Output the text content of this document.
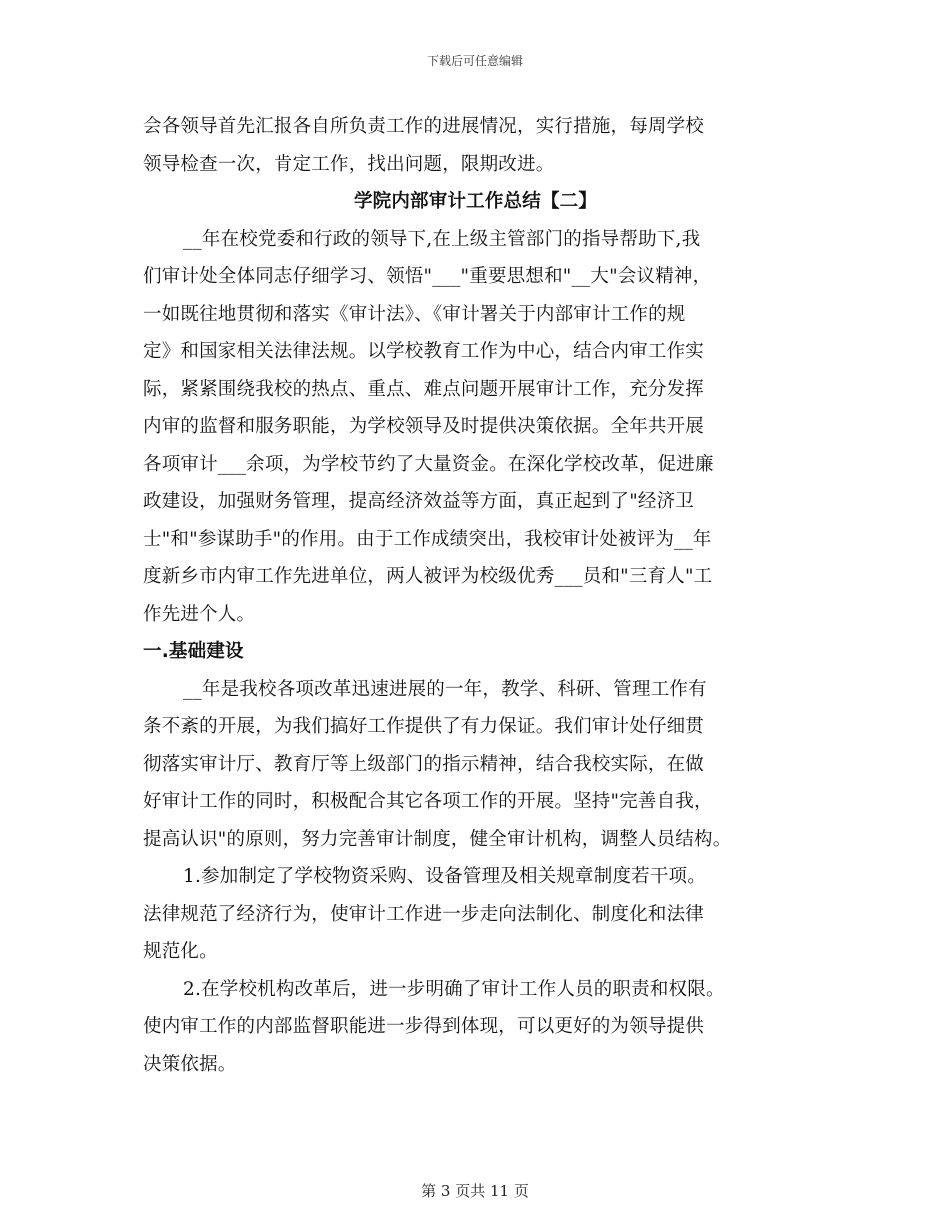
下载后可任意编辑
会各领导首先汇报各自所负责工作的进展情况，实行措施，每周学校
领导检查一次，肯定工作，找出问题，限期改进。
学院内部审计工作总结【二】
__年在校党委和行政的领导下,在上级主管部门的指导帮助下,我
们审计处全体同志仔细学习、领悟"___"重要思想和"__大"会议精神，
一如既往地贯彻和落实《审计法》、《审计署关于内部审计工作的规
定》和国家相关法律法规。以学校教育工作为中心，结合内审工作实
际，紧紧围绕我校的热点、重点、难点问题开展审计工作，充分发挥
内审的监督和服务职能，为学校领导及时提供决策依据。全年共开展
各项审计___余项，为学校节约了大量资金。在深化学校改革，促进廉
政建设，加强财务管理，提高经济效益等方面，真正起到了"经济卫
士"和"参谋助手"的作用。由于工作成绩突出，我校审计处被评为__年
度新乡市内审工作先进单位，两人被评为校级优秀___员和"三育人"工
作先进个人。
一.基础建设
__年是我校各项改革迅速进展的一年，教学、科研、管理工作有
条不紊的开展，为我们搞好工作提供了有力保证。我们审计处仔细贯
彻落实审计厅、教育厅等上级部门的指示精神，结合我校实际，在做
好审计工作的同时，积极配合其它各项工作的开展。坚持"完善自我，
提高认识"的原则，努力完善审计制度，健全审计机构，调整人员结构。
1.参加制定了学校物资采购、设备管理及相关规章制度若干项。
法律规范了经济行为，使审计工作进一步走向法制化、制度化和法律
规范化。
2.在学校机构改革后，进一步明确了审计工作人员的职责和权限。
使内审工作的内部监督职能进一步得到体现，可以更好的为领导提供
决策依据。
第 3 页共 11 页
